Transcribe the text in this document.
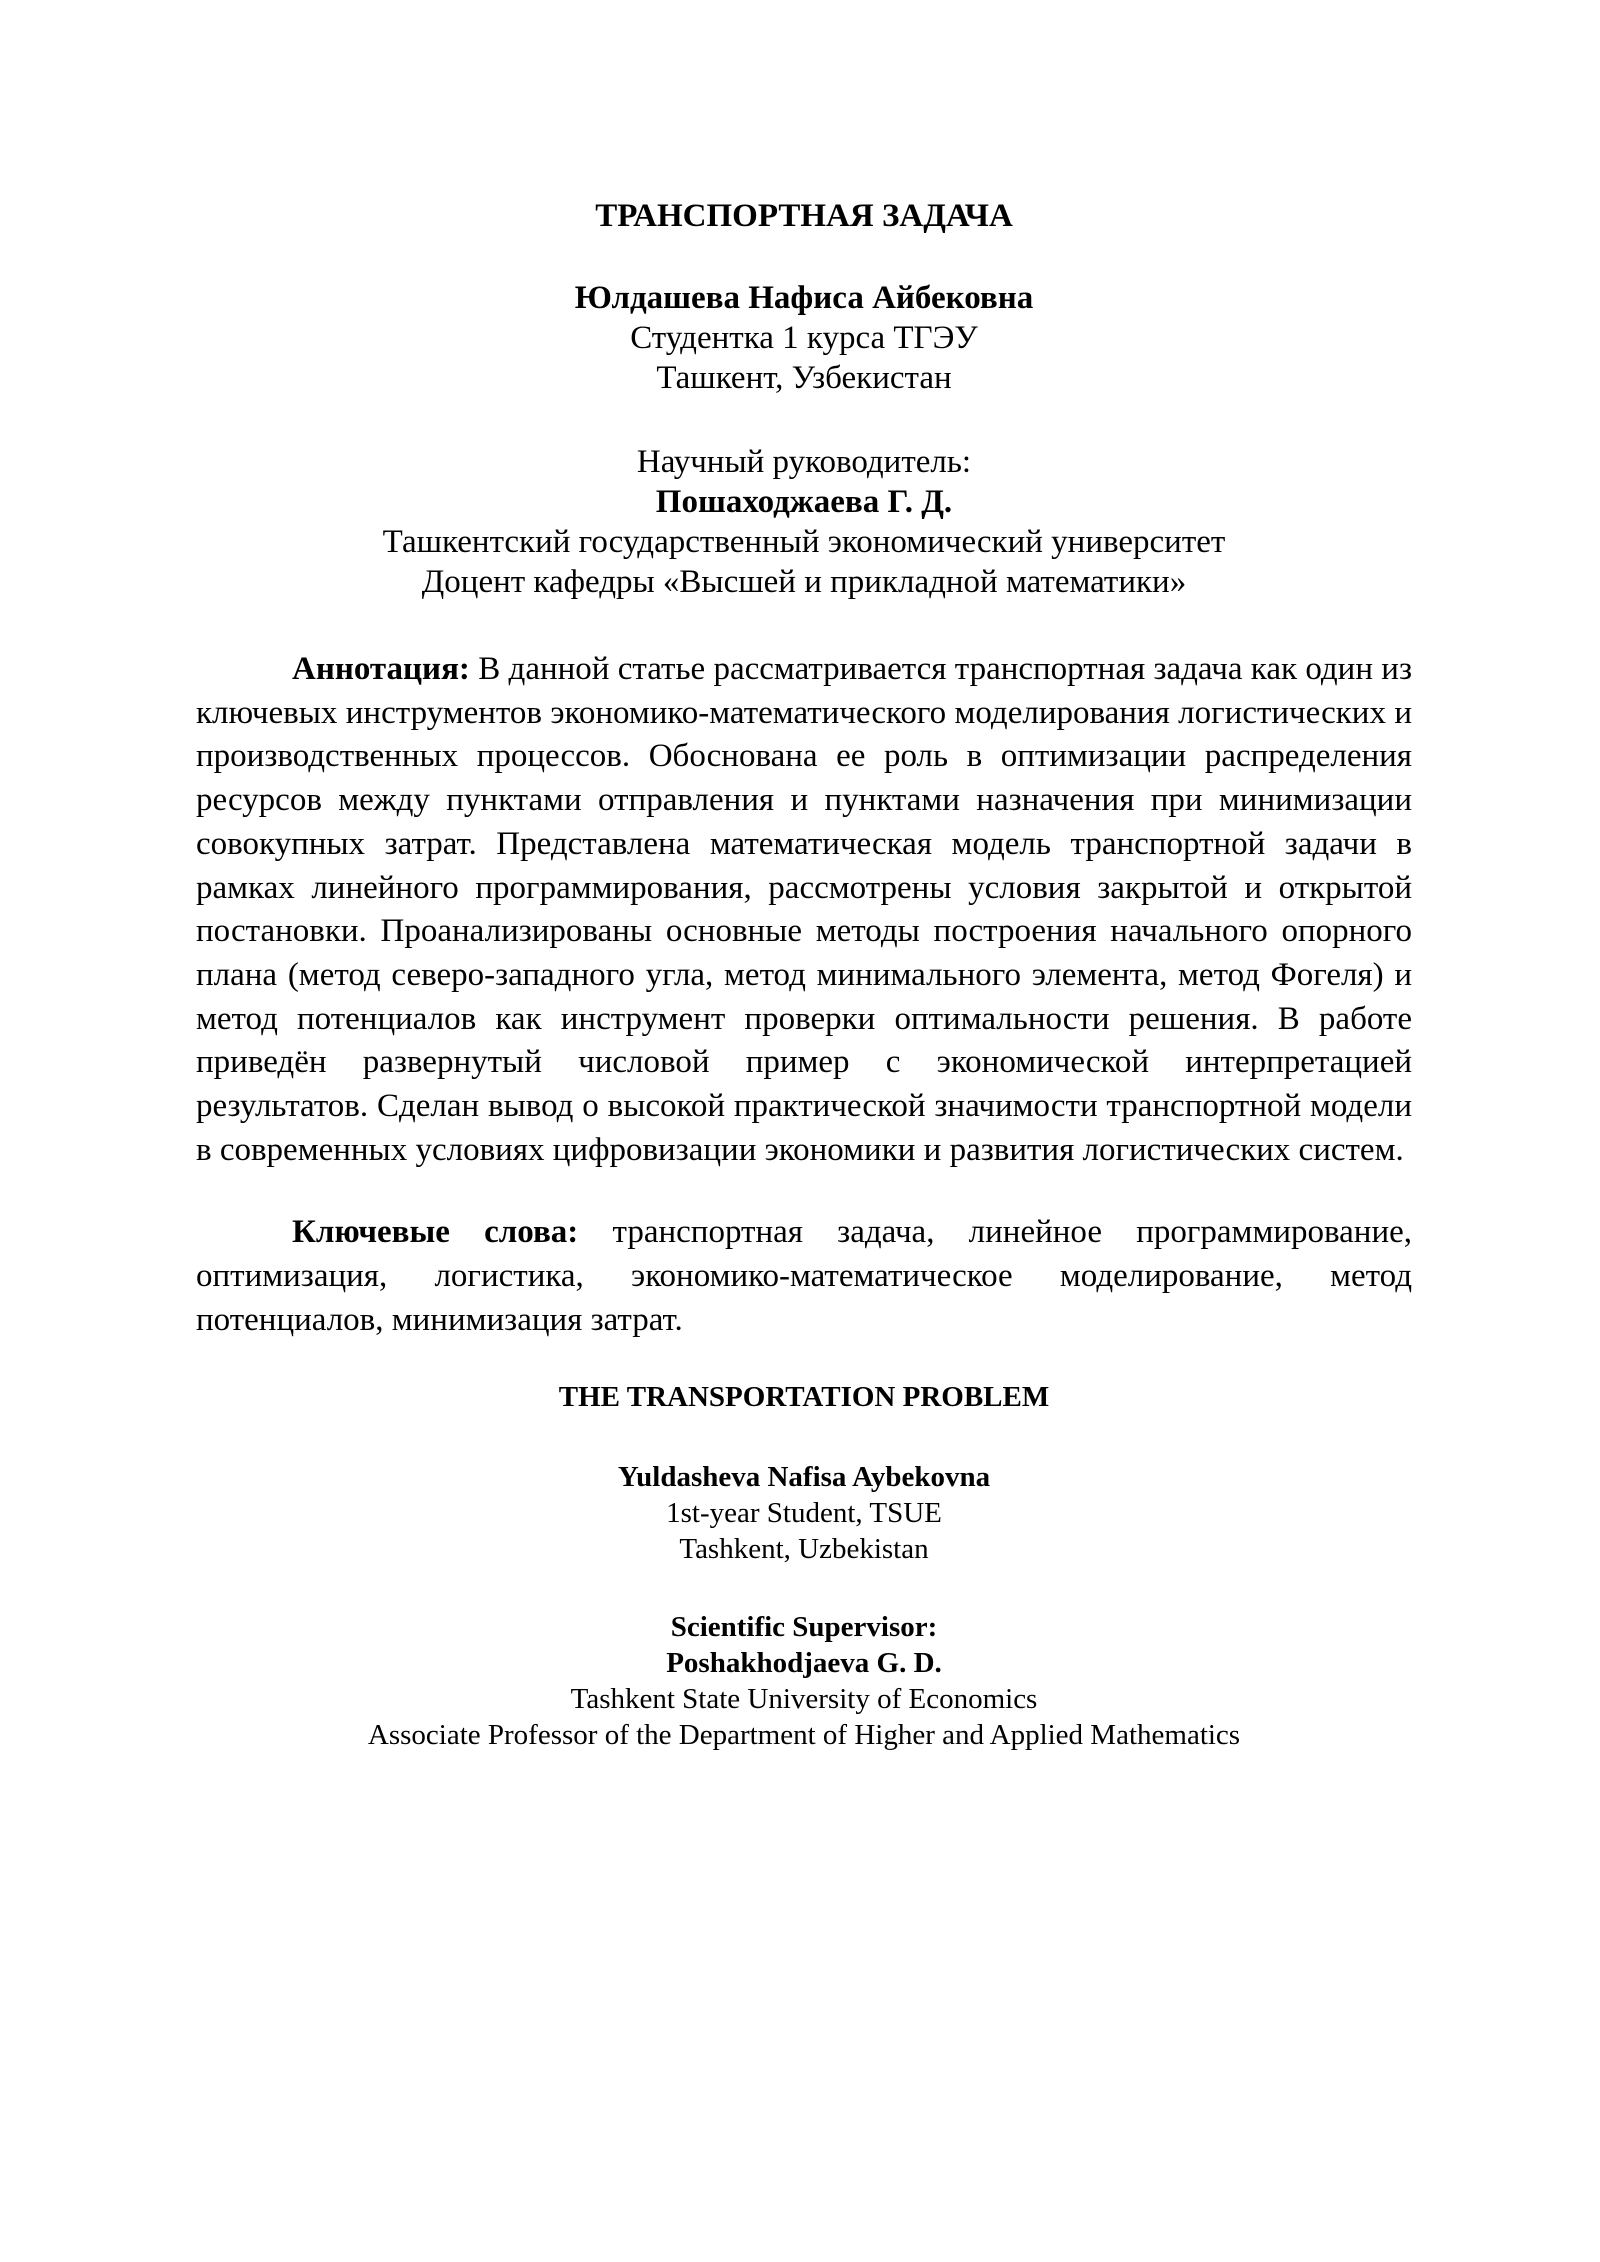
ТРАНСПОРТНАЯ ЗАДАЧА
Юлдашева Нафиса Айбековна
Студентка 1 курса ТГЭУ
Ташкент, Узбекистан
Научный руководитель:
Пошаходжаева Г. Д.
Ташкентский государственный экономический университет
Доцент кафедры «Высшей и прикладной математики»

Аннотация: В данной статье рассматривается транспортная задача как один из ключевых инструментов экономико-математического моделирования логистических и производственных процессов. Обоснована ее роль в оптимизации распределения ресурсов между пунктами отправления и пунктами назначения при минимизации совокупных затрат. Представлена математическая модель транспортной задачи в рамках линейного программирования, рассмотрены условия закрытой и открытой постановки. Проанализированы основные методы построения начального опорного плана (метод северо-западного угла, метод минимального элемента, метод Фогеля) и метод потенциалов как инструмент проверки оптимальности решения. В работе приведён развернутый числовой пример с экономической интерпретацией результатов. Сделан вывод о высокой практической значимости транспортной модели в современных условиях цифровизации экономики и развития логистических систем.

Ключевые слова: транспортная задача, линейное программирование, оптимизация, логистика, экономико-математическое моделирование, метод потенциалов, минимизация затрат.

THE TRANSPORTATION PROBLEM
Yuldasheva Nafisa Aybekovna
1st-year Student, TSUE
Tashkent, Uzbekistan
Scientific Supervisor:
Poshakhodjaeva G. D.
Tashkent State University of Economics
Associate Professor of the Department of Higher and Applied Mathematics
